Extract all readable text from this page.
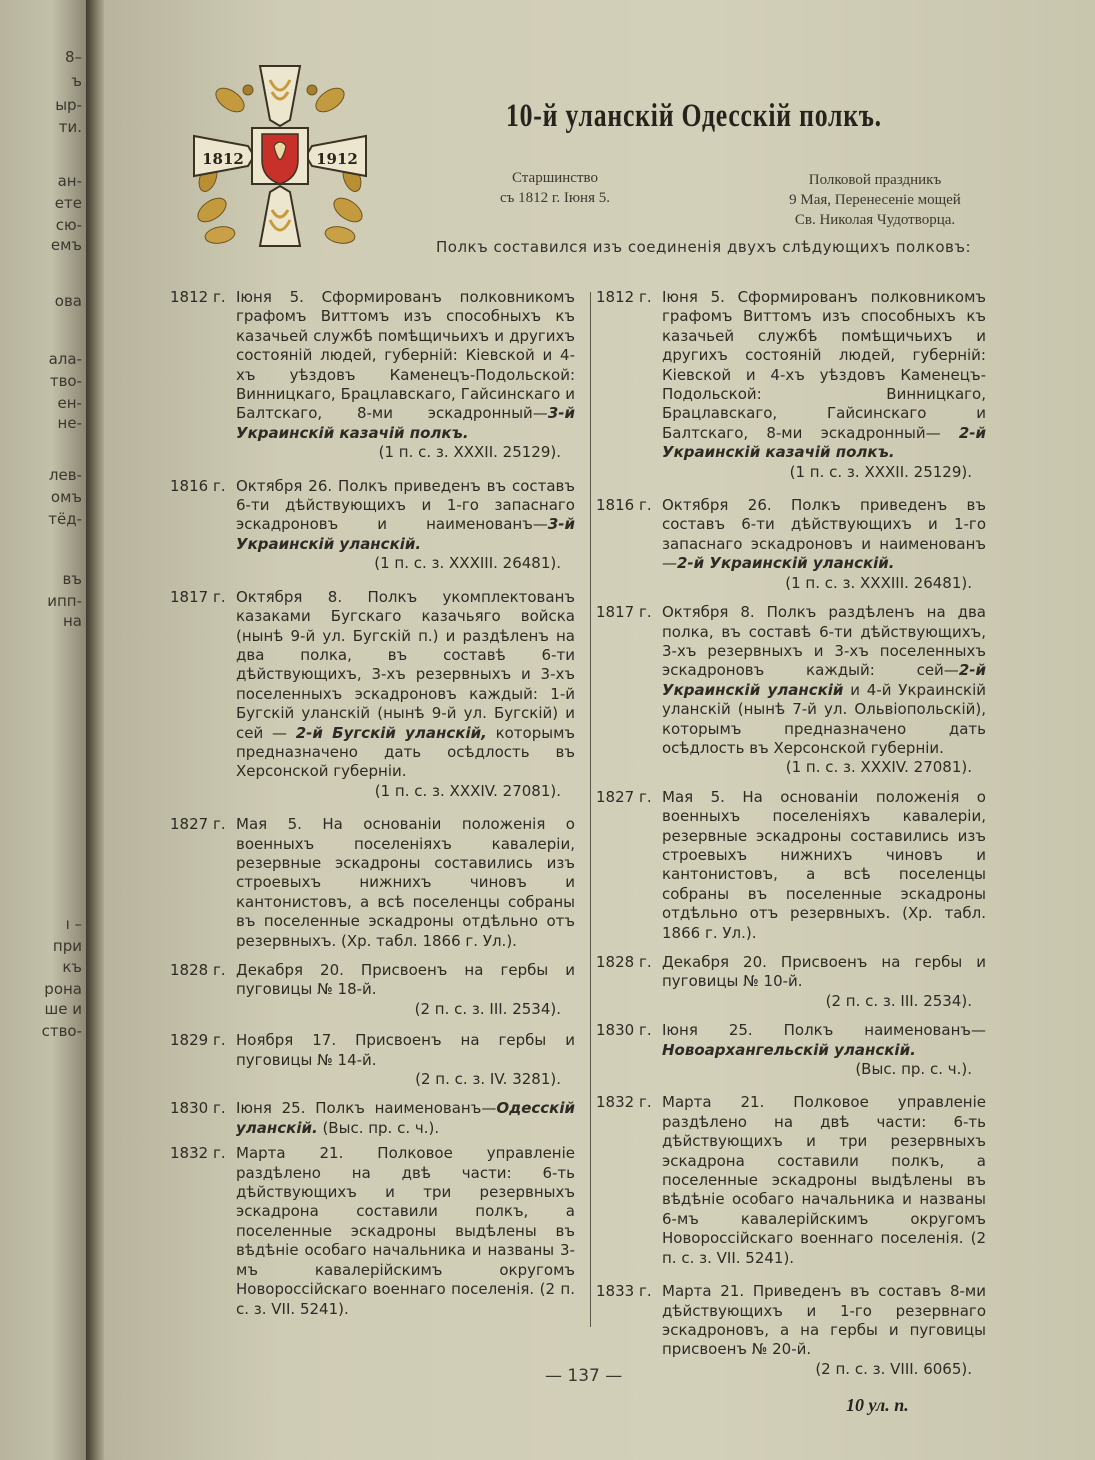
8–
ъ
ыр-
ти.
ан-
ете
сю-
емъ
ова
ала-
тво-
ен-
не-
лев-
омъ
тёд-
въ
ипп-
на
ı –
при
къ
рона
ше и
ство-
1812	1912
10-й уланскій Одесскій полкъ.
Старшинство
съ 1812 г. Іюня 5.
Полковой праздникъ
9 Мая, Перенесеніе мощей
Св. Николая Чудотворца.
Полкъ составился изъ соединенія двухъ слѣдующихъ полковъ:
1812 г. Іюня 5. Сформированъ полковникомъ графомъ Виттомъ изъ способныхъ къ казачьей службѣ помѣщичьихъ и другихъ состояній людей, губерній: Кіевской и 4-хъ уѣздовъ Каменецъ-Подольской: Винницкаго, Брацлавскаго, Гайсинскаго и Балтскаго, 8-ми эскадронный—3-й Украинскій казачій полкъ.
(1 п. с. з. XXXII. 25129).
1816 г. Октября 26. Полкъ приведенъ въ составъ 6-ти дѣйствующихъ и 1-го запаснаго эскадроновъ и наименованъ—3-й Украинскій уланскій.
(1 п. с. з. XXXIII. 26481).
1817 г. Октября 8. Полкъ укомплектованъ казаками Бугскаго казачьяго войска (нынѣ 9-й ул. Бугскій п.) и раздѣленъ на два полка, въ составѣ 6-ти дѣйствующихъ, 3-хъ резервныхъ и 3-хъ поселенныхъ эскадроновъ каждый: 1-й Бугскій уланскій (нынѣ 9-й ул. Бугскій) и сей — 2-й Бугскій уланскій, которымъ предназначено дать осѣдлость въ Херсонской губерніи.
(1 п. с. з. XXXIV. 27081).
1827 г. Мая 5. На основаніи положенія о военныхъ поселеніяхъ кавалеріи, резервные эскадроны составились изъ строевыхъ нижнихъ чиновъ и кантонистовъ, а всѣ поселенцы собраны въ поселенные эскадроны отдѣльно отъ резервныхъ. (Хр. табл. 1866 г. Ул.).
1828 г. Декабря 20. Присвоенъ на гербы и пуговицы № 18-й.
(2 п. с. з. III. 2534).
1829 г. Ноября 17. Присвоенъ на гербы и пуговицы № 14-й.
(2 п. с. з. IV. 3281).
1830 г. Іюня 25. Полкъ наименованъ—Одесскій уланскій. (Выс. пр. с. ч.).
1832 г. Марта 21. Полковое управленіе раздѣлено на двѣ части: 6-ть дѣйствующихъ и три резервныхъ эскадрона составили полкъ, а поселенные эскадроны выдѣлены въ вѣдѣніе особаго начальника и названы 3-мъ кавалерійскимъ округомъ Новороссійскаго военнаго поселенія. (2 п. с. з. VII. 5241).
1812 г. Іюня 5. Сформированъ полковникомъ графомъ Виттомъ изъ способныхъ къ казачьей службѣ помѣщичьихъ и другихъ состояній людей, губерній: Кіевской и 4-хъ уѣздовъ Каменецъ-Подольской: Винницкаго, Брацлавскаго, Гайсинскаго и Балтскаго, 8-ми эскадронный— 2-й Украинскій казачій полкъ.
(1 п. с. з. XXXII. 25129).
1816 г. Октября 26. Полкъ приведенъ въ составъ 6-ти дѣйствующихъ и 1-го запаснаго эскадроновъ и наименованъ—2-й Украинскій уланскій.
(1 п. с. з. XXXIII. 26481).
1817 г. Октября 8. Полкъ раздѣленъ на два полка, въ составѣ 6-ти дѣйствующихъ, 3-хъ резервныхъ и 3-хъ поселенныхъ эскадроновъ каждый: сей—2-й Украинскій уланскій и 4-й Украинскій уланскій (нынѣ 7-й ул. Ольвіопольскій), которымъ предназначено дать осѣдлость въ Херсонской губерніи.
(1 п. с. з. XXXIV. 27081).
1827 г. Мая 5. На основаніи положенія о военныхъ поселеніяхъ кавалеріи, резервные эскадроны составились изъ строевыхъ нижнихъ чиновъ и кантонистовъ, а всѣ поселенцы собраны въ поселенные эскадроны отдѣльно отъ резервныхъ. (Хр. табл. 1866 г. Ул.).
1828 г. Декабря 20. Присвоенъ на гербы и пуговицы № 10-й.
(2 п. с. з. III. 2534).
1830 г. Іюня 25. Полкъ наименованъ—Новоархангельскій уланскій.
(Выс. пр. с. ч.).
1832 г. Марта 21. Полковое управленіе раздѣлено на двѣ части: 6-ть дѣйствующихъ и три резервныхъ эскадрона составили полкъ, а поселенные эскадроны выдѣлены въ вѣдѣніе особаго начальника и названы 6-мъ кавалерійскимъ округомъ Новороссійскаго военнаго поселенія. (2 п. с. з. VII. 5241).
1833 г. Марта 21. Приведенъ въ составъ 8-ми дѣйствующихъ и 1-го резервнаго эскадроновъ, а на гербы и пуговицы присвоенъ № 20-й.
(2 п. с. з. VIII. 6065).
— 137 —
10 ул. п.
